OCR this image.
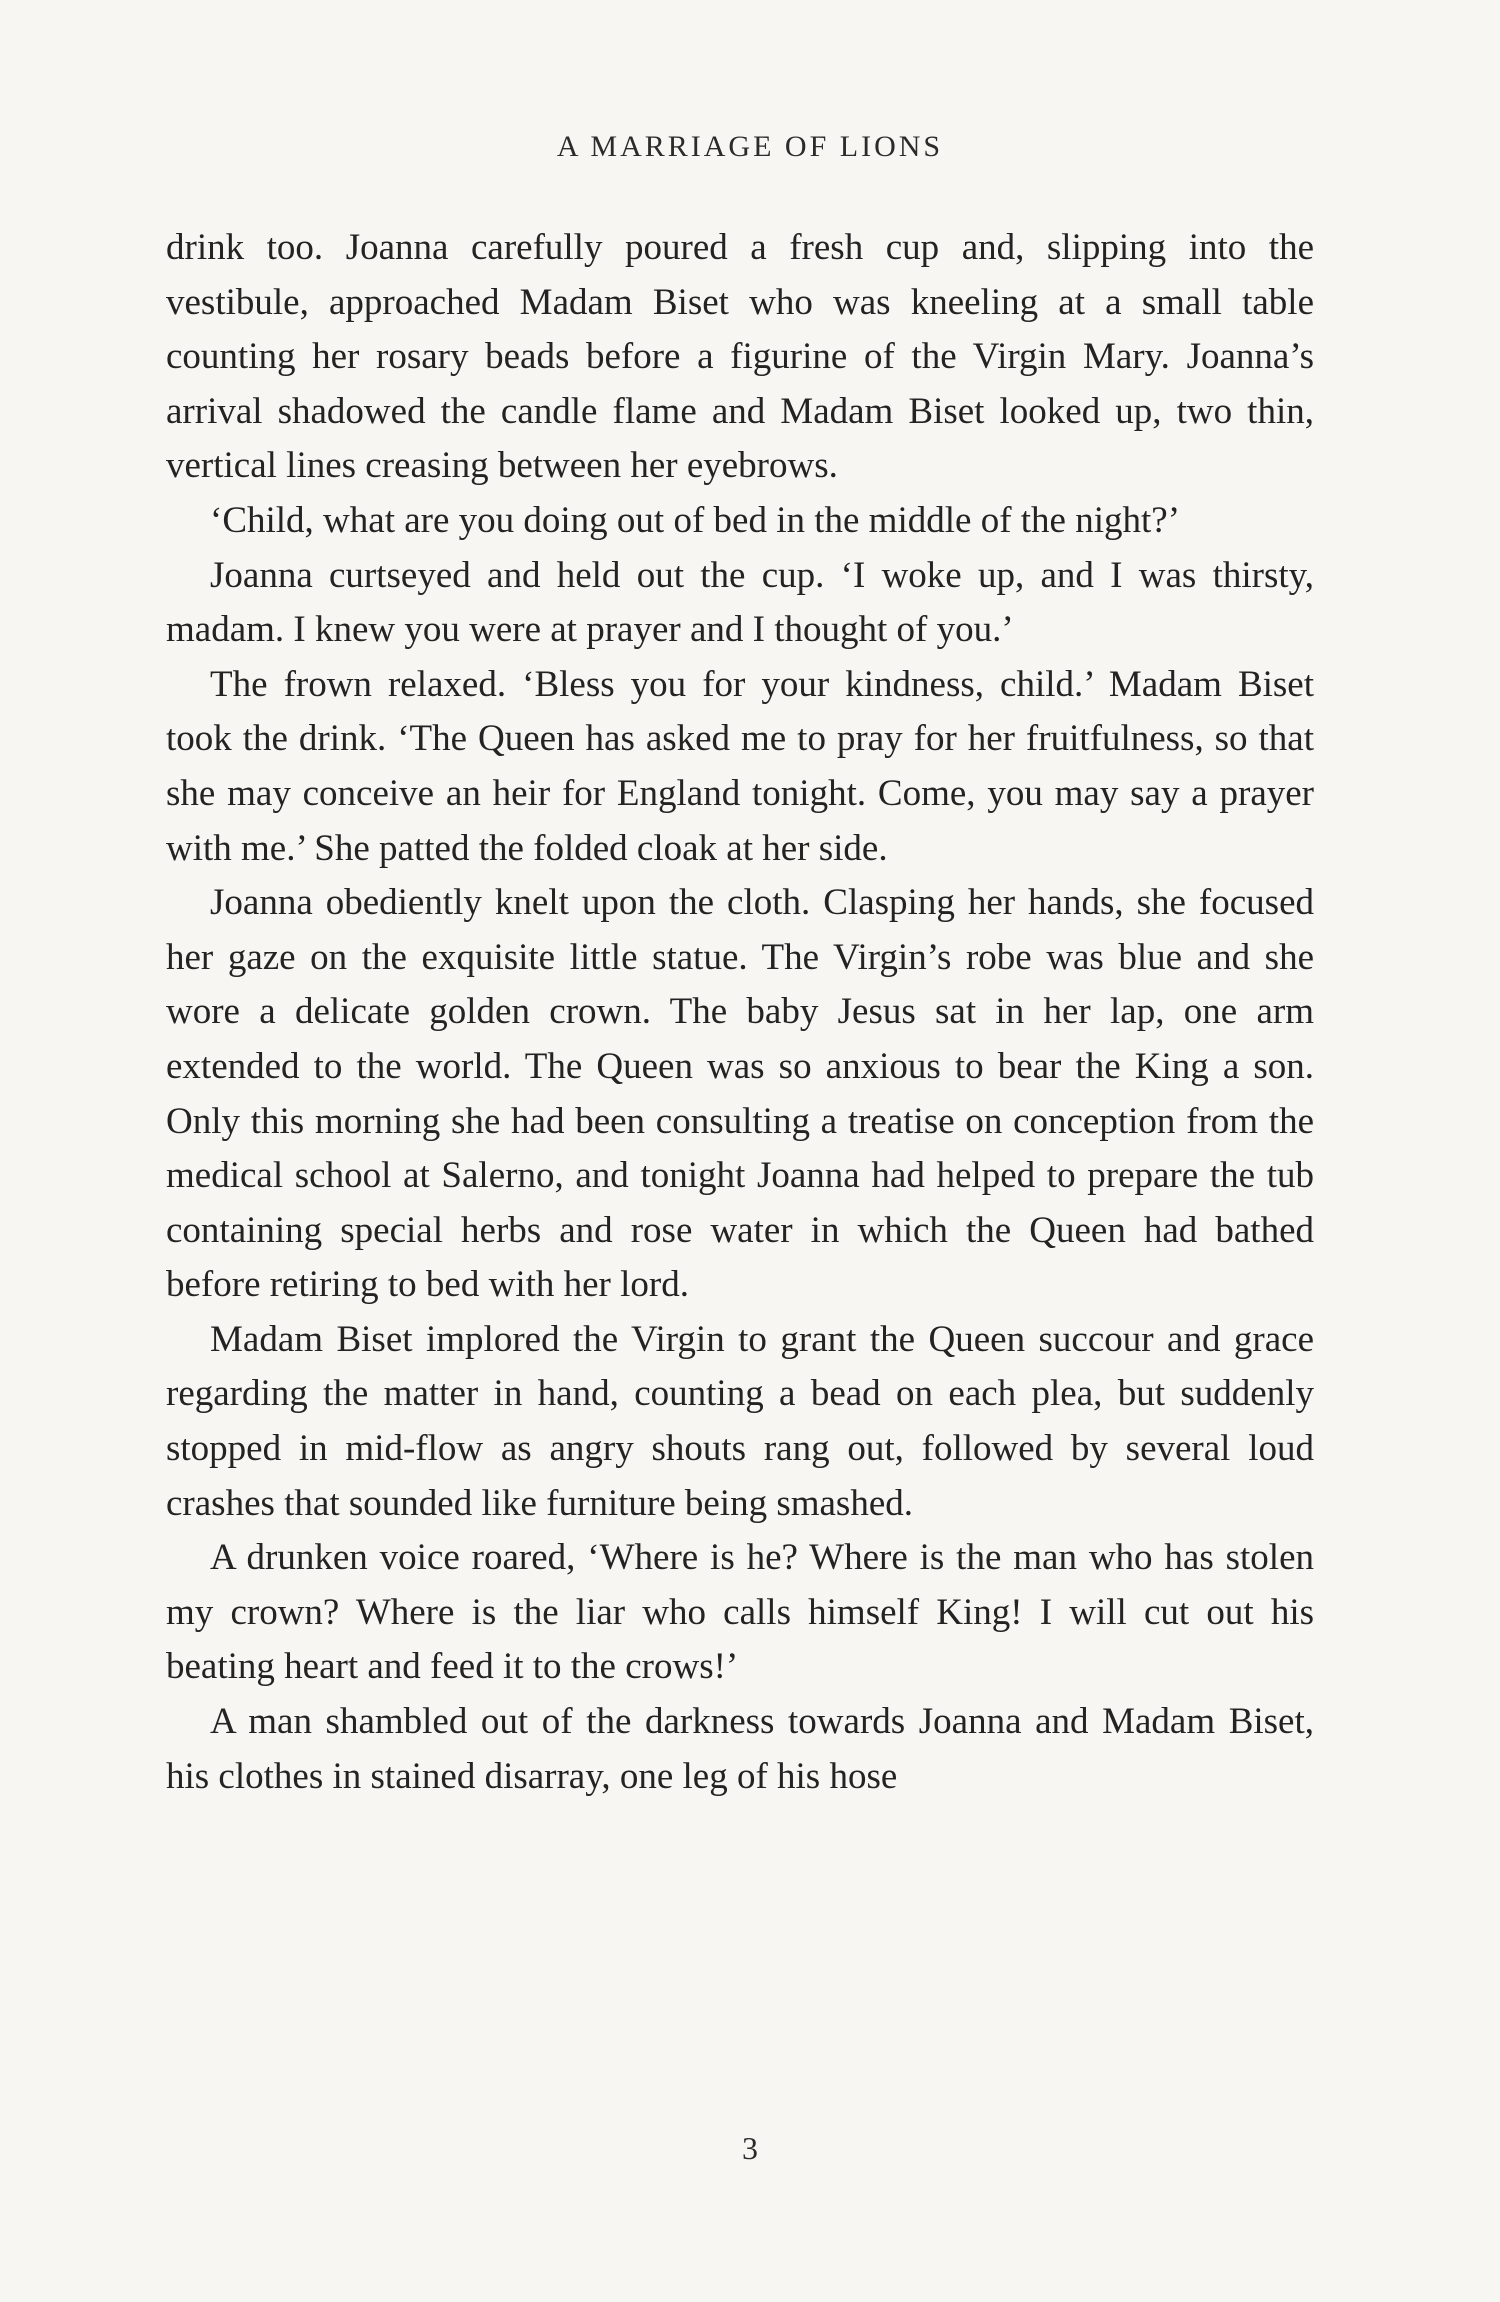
A MARRIAGE OF LIONS

drink too. Joanna carefully poured a fresh cup and, slipping into the vestibule, approached Madam Biset who was kneeling at a small table counting her rosary beads before a figurine of the Virgin Mary. Joanna’s arrival shadowed the candle flame and Madam Biset looked up, two thin, vertical lines creasing between her eyebrows.

‘Child, what are you doing out of bed in the middle of the night?’

Joanna curtseyed and held out the cup. ‘I woke up, and I was thirsty, madam. I knew you were at prayer and I thought of you.’

The frown relaxed. ‘Bless you for your kindness, child.’ Madam Biset took the drink. ‘The Queen has asked me to pray for her fruitfulness, so that she may conceive an heir for England tonight. Come, you may say a prayer with me.’ She patted the folded cloak at her side.

Joanna obediently knelt upon the cloth. Clasping her hands, she focused her gaze on the exquisite little statue. The Virgin’s robe was blue and she wore a delicate golden crown. The baby Jesus sat in her lap, one arm extended to the world. The Queen was so anxious to bear the King a son. Only this morning she had been consulting a treatise on conception from the medical school at Salerno, and tonight Joanna had helped to prepare the tub containing special herbs and rose water in which the Queen had bathed before retiring to bed with her lord.

Madam Biset implored the Virgin to grant the Queen succour and grace regarding the matter in hand, counting a bead on each plea, but suddenly stopped in mid-flow as angry shouts rang out, followed by several loud crashes that sounded like furniture being smashed.

A drunken voice roared, ‘Where is he? Where is the man who has stolen my crown? Where is the liar who calls himself King! I will cut out his beating heart and feed it to the crows!’

A man shambled out of the darkness towards Joanna and Madam Biset, his clothes in stained disarray, one leg of his hose

3
